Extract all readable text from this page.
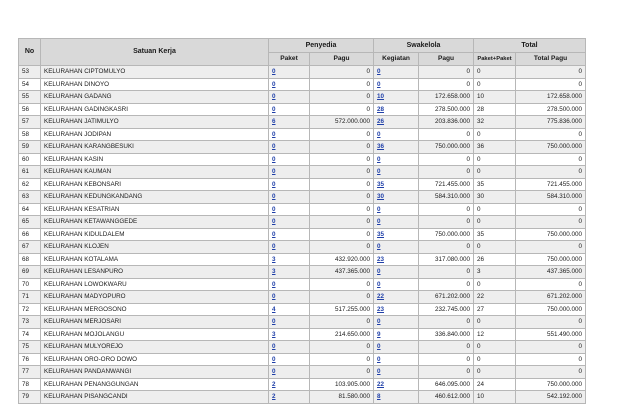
No	Satuan Kerja	Penyedia		Swakelola		Total	
		Paket	Pagu	Kegiatan	Pagu	Paket+Paket	Total Pagu
53	KELURAHAN CIPTOMULYO	0	0	0	0	0	0
54	KELURAHAN DINOYO	0	0	0	0	0	0
55	KELURAHAN GADANG	0	0	10	172.658.000	10	172.658.000
56	KELURAHAN GADINGKASRI	0	0	28	278.500.000	28	278.500.000
57	KELURAHAN JATIMULYO	6	572.000.000	26	203.836.000	32	775.836.000
58	KELURAHAN JODIPAN	0	0	0	0	0	0
59	KELURAHAN KARANGBESUKI	0	0	36	750.000.000	36	750.000.000
60	KELURAHAN KASIN	0	0	0	0	0	0
61	KELURAHAN KAUMAN	0	0	0	0	0	0
62	KELURAHAN KEBONSARI	0	0	35	721.455.000	35	721.455.000
63	KELURAHAN KEDUNGKANDANG	0	0	30	584.310.000	30	584.310.000
64	KELURAHAN KESATRIAN	0	0	0	0	0	0
65	KELURAHAN KETAWANGGEDE	0	0	0	0	0	0
66	KELURAHAN KIDULDALEM	0	0	35	750.000.000	35	750.000.000
67	KELURAHAN KLOJEN	0	0	0	0	0	0
68	KELURAHAN KOTALAMA	3	432.920.000	23	317.080.000	26	750.000.000
69	KELURAHAN LESANPURO	3	437.365.000	0	0	3	437.365.000
70	KELURAHAN LOWOKWARU	0	0	0	0	0	0
71	KELURAHAN MADYOPURO	0	0	22	671.202.000	22	671.202.000
72	KELURAHAN MERGOSONO	4	517.255.000	23	232.745.000	27	750.000.000
73	KELURAHAN MERJOSARI	0	0	0	0	0	0
74	KELURAHAN MOJOLANGU	3	214.650.000	9	336.840.000	12	551.490.000
75	KELURAHAN MULYOREJO	0	0	0	0	0	0
76	KELURAHAN ORO-ORO DOWO	0	0	0	0	0	0
77	KELURAHAN PANDANWANGI	0	0	0	0	0	0
78	KELURAHAN PENANGGUNGAN	2	103.905.000	22	646.095.000	24	750.000.000
79	KELURAHAN PISANGCANDI	2	81.580.000	8	460.612.000	10	542.192.000
